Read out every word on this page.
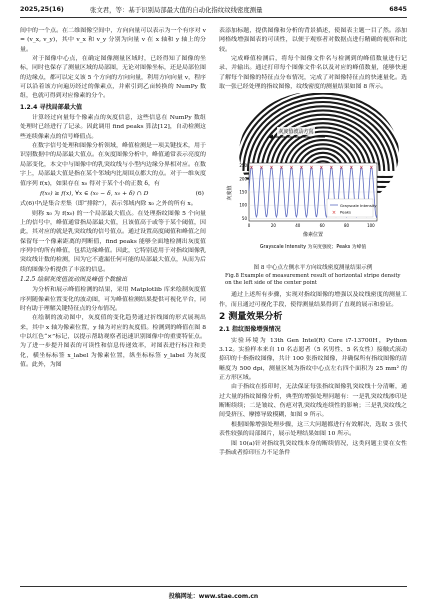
2025,25(16)	张文君，等：基于识别局部最大值的自动化指纹纹线密度测量	6845

间中的一个点。在二维图像空间中，方向向量可以表示为一个有序对 v = (v_x, v_y)，其中 v_x 和 v_y 分别为向量 v 在 x 轴和 y 轴上的分量。

对于图像中心点，在确定图像测量区域时，已经得知了图像的坐标，同时也保存了测量区域的局部图，无论对图像坐标，还是局部位图的边缘点，都可以定义该 5 个方向的方向向量，利用方向向量 v，程序可以沿着该方向遍历经过的像素点，并索引到乙亩转换的 NumPy 数组，也就可得到对应像素的分个。

1.2.4 寻找局部最大值

计算经过向量每个像素点的灰度信息，这些信息在 NumPy 数组处理时已经进行了记录。因此调用 find peaks 算法[12]，自动检测这些连续像素点的信号峰值点。

在数字信号处理和图像分析领域，峰值检测是一项关键技术，用于识别数据中的局部最大值点。在灰度图像分析中，峰值通常表示亮度的局部变化，本文中与图像中的乳突纹线与小型内边缘分界相对应。在数字上，局部最大值是指在某个邻域内比周围点都大的点。对于一维灰度值序列 f(x)，如果存在 x₀ 得对于某个小的正数 δ，有

f(x₀) ≥ f(x), ∀x ∈ (x₀ − δ, x₀ + δ) ∩ D	(6)

式(6)中\是集合差集（即“排除”），表示邻域内除 x₀ 之外的所有 x。

则称 x₀ 为 f(x₀) 的一个局部最大值点。在处理指纹图像 5 个向量上的信号中，峰值通常指局部最大值，且该值高于或等于某个阈值，因此，其对应的就是乳突纹线的信号值点。通过设置高度阈值和峰值之间保留每一个像素距离的判断值，find peaks 能够全面地检测出灰度值序列中的所有峰值，包括边缘峰值。因此，它特别适用于对指纹图像乳突纹线计数的检测，因为它不遗漏任何可能的局部最大值点，从而为后续的图像分析提供了丰富的信息。

1.2.5 绘制灰度值波动图及峰值个数输出

为分析和展示峰值检测的结果，采用 Matplotlib 库来绘制灰度值序列随像素位置变化的波动图，可为峰值检测结果提供可视化平台，同时有助于理解关键特征点的分布情况。

在绘制的波动图中，灰度值的变化趋势通过折线图的形式展现出来，其中 x 轴为像素位置，y 轴为对应的灰度值。检测到的峰值在图 8 中以红色“×”标记，以提示帮助观察者迅速识别图像中的重要特征点。为了进一步提升图表的可读性和信息传递效率，对图表进行标注和美化，横坐标标签 x_label 为像素位置，纵坐标标签 y_label 为灰度值。此外，为图

表添加标题，提供图像和分析的背景描述，使图表主题一目了然。添加网格线增强图表的可读性，以便于观察者对数据点进行精确的视察和比较。

完成峰值检测后，将每个图像文件名与检测到的峰值数量进行记录、并输出。通过打印每个图像文件名以及对应的峰值数量，能够快速了解每个图像的特征点分布情况，完成了对图像特征点的快速量化。选取一张已经处理的指纹图像，纹线密度的测量结果如图 8 所示。

灰度值波动方向
× × × × × × × × × × × × ×
0	20	40	60	80	100
50
100
150
200
250
像素位置
灰度值
Grayscale Intensity
× Peaks
Grayscale Intensity 为灰度强度；Peaks 为峰值
图 8 中心点左侧水平方向纹线密度测量结果示例
Fig.8 Example of measurement result of horizontal stripe density on the left side of the center point

通过上述所有步骤，实现对指纹图像的增强以及纹线密度的测量工作，而且通过可视化手段，使得测量结果得到了直观的展示和验证。

2 测量效果分析
2.1 指纹图像增强情况

实验环境为 13th Gen Intel(R) Core i7-13700H，Python 3.12。实验样本来自 10 名志愿者（5 名男性、5 名女性）接触式滚动捺印的十指指纹图像，共计 100 张指纹图像，并确保所有指纹图像的清晰度为 500 dpi，测量区域为指纹中心点左右四个面积为 25 mm² 的正方形区域。

由于指纹在捺印时，无法保证每张指纹图像乳突纹线十分清晰，通过大量的指纹图像分析，典型的增强处理问题有：一是乳突纹线渗印是断断续续；二是皱纹、伤疤对乳突纹线连续性的影响；三是乳突纹线之间受挤压、摩擦导致模糊，如图 9 所示。

根据图像增强处理步骤，这三大问题都进行有效解决，选取 3 张代表性较强的局部图片，展示处理结果如图 10 所示。

图 10(a)针对指纹乳突纹线本身的断续情况，这类问题主要在女性手指或者捺印压力不足条件

投稿网址：www.stae.com.cn
